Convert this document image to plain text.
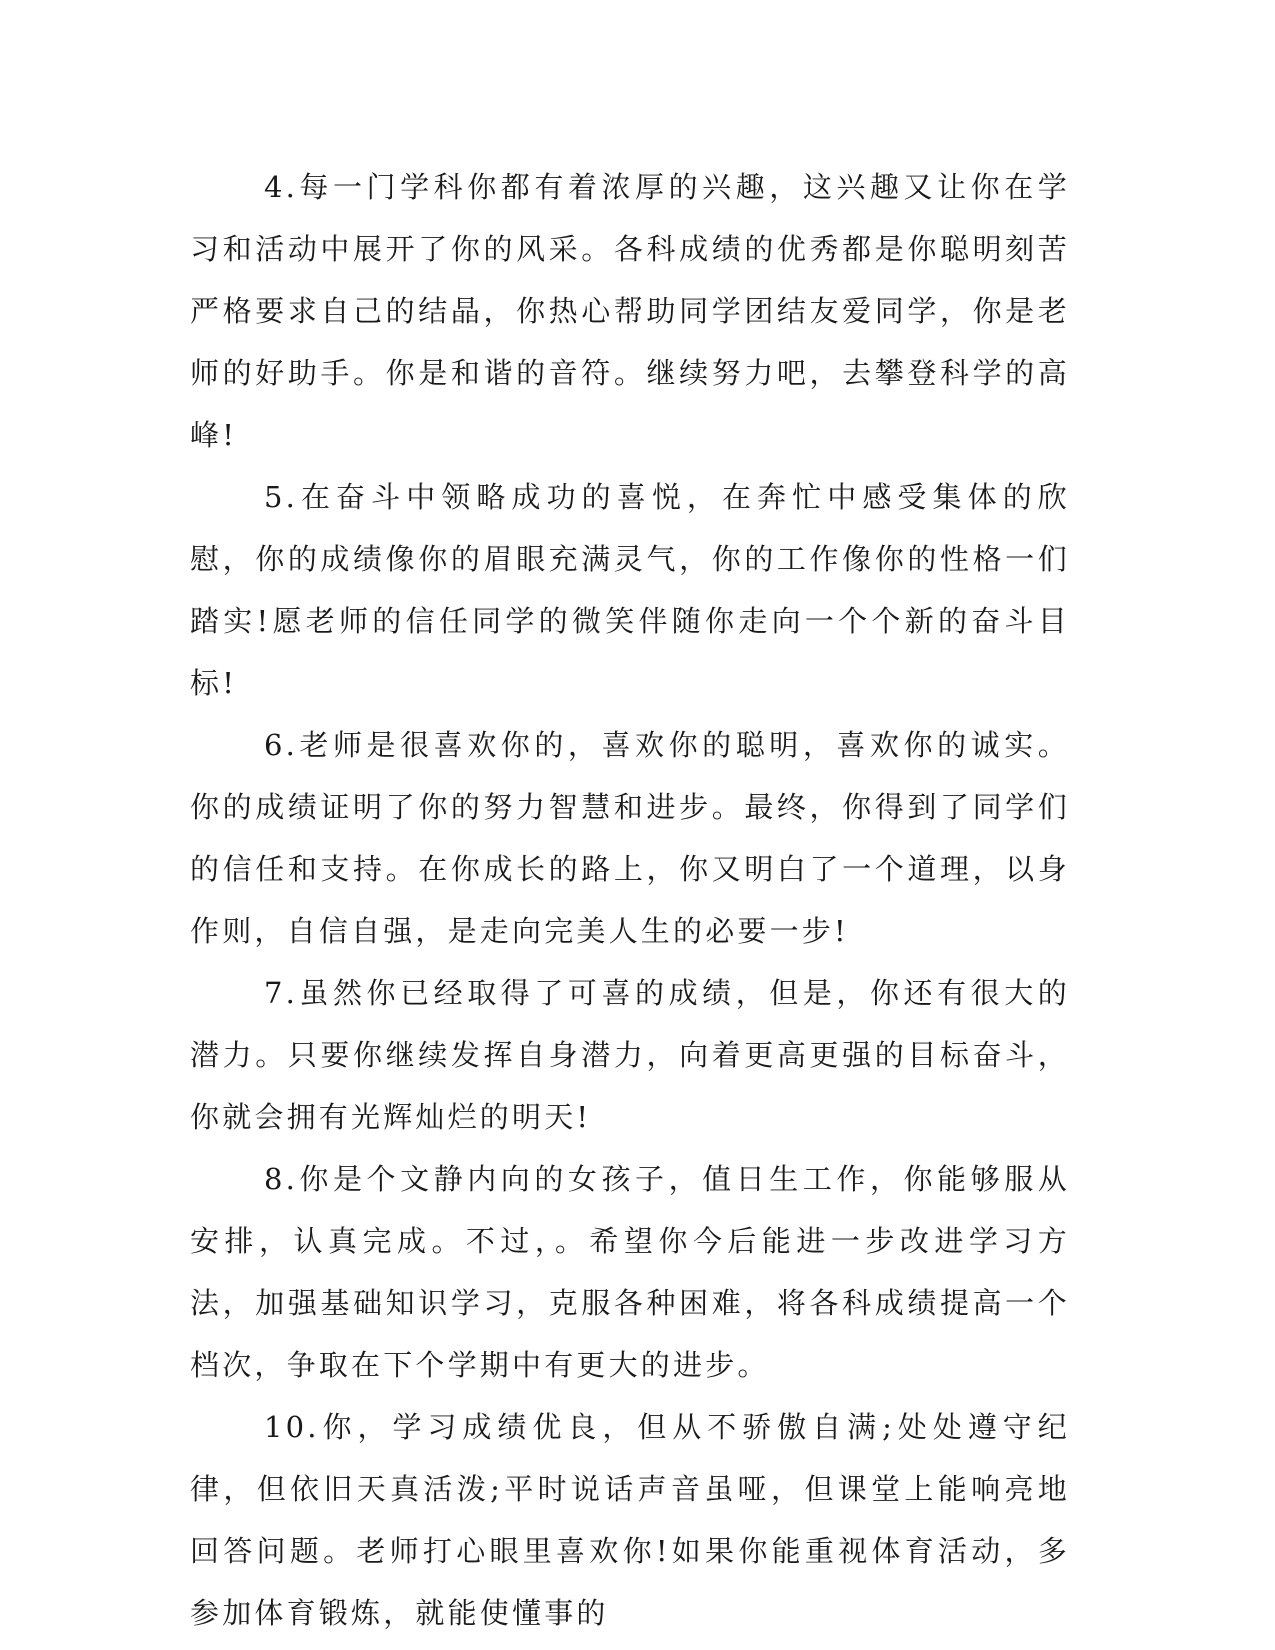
4.每一门学科你都有着浓厚的兴趣，这兴趣又让你在学习和活动中展开了你的风采。各科成绩的优秀都是你聪明刻苦严格要求自己的结晶，你热心帮助同学团结友爱同学，你是老师的好助手。你是和谐的音符。继续努力吧，去攀登科学的高峰!

5.在奋斗中领略成功的喜悦，在奔忙中感受集体的欣慰，你的成绩像你的眉眼充满灵气，你的工作像你的性格一们踏实!愿老师的信任同学的微笑伴随你走向一个个新的奋斗目标!

6.老师是很喜欢你的，喜欢你的聪明，喜欢你的诚实。你的成绩证明了你的努力智慧和进步。最终，你得到了同学们的信任和支持。在你成长的路上，你又明白了一个道理，以身作则，自信自强，是走向完美人生的必要一步!

7.虽然你已经取得了可喜的成绩，但是，你还有很大的潜力。只要你继续发挥自身潜力，向着更高更强的目标奋斗，你就会拥有光辉灿烂的明天!

8.你是个文静内向的女孩子，值日生工作，你能够服从安排，认真完成。不过，。希望你今后能进一步改进学习方法，加强基础知识学习，克服各种困难，将各科成绩提高一个档次，争取在下个学期中有更大的进步。

10.你，学习成绩优良，但从不骄傲自满;处处遵守纪律，但依旧天真活泼;平时说话声音虽哑，但课堂上能响亮地回答问题。老师打心眼里喜欢你!如果你能重视体育活动，多参加体育锻炼，就能使懂事的
